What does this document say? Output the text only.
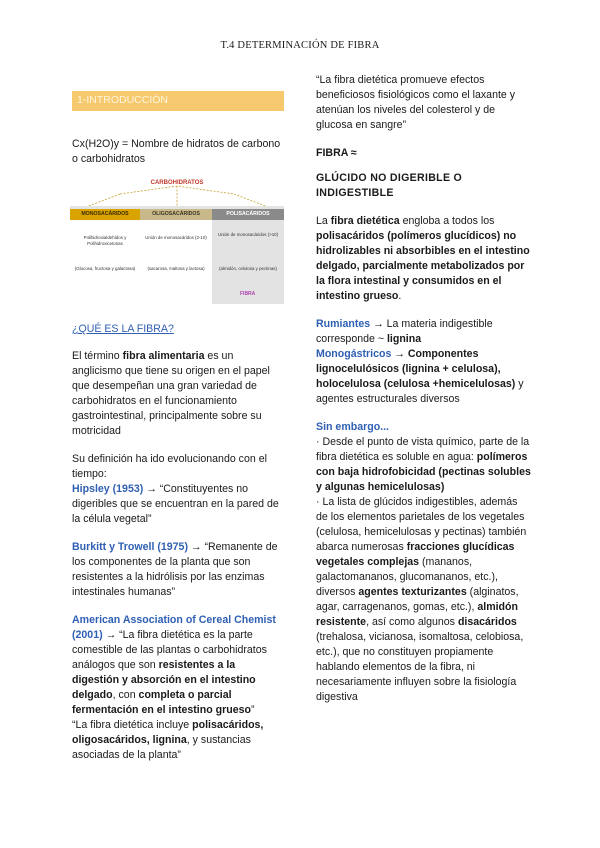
T.4 DETERMINACIÓN DE FIBRA
1-INTRODUCCIÓN

Cx(H2O)y = Nombre de hidratos de carbono o carbohidratos

CARBOHIDRATOS
MONOSACÁRIDOS	OLIGOSACÁRIDOS	POLISACÁRIDOS
Polihidroxialdehídos y Polihidroxicetonas
(Glucosa, fructosa y galactosa)
Unión de monosacáridos (2-10)
(sacarosa, maltosa y lactosa)
Unión de monosacáridos (>10)
(almidón, celulosa y pectinas)
FIBRA
¿QUÉ ES LA FIBRA?

El término fibra alimentaria es un anglicismo que tiene su origen en el papel que desempeñan una gran variedad de carbohidratos en el funcionamiento gastrointestinal, principalmente sobre su motricidad

Su definición ha ido evolucionando con el tiempo:

Hipsley (1953) → “Constituyentes no digeribles que se encuentran en la pared de la célula vegetal”

Burkitt y Trowell (1975) → “Remanente de los componentes de la planta que son resistentes a la hidrólisis por las enzimas intestinales humanas”

American Association of Cereal Chemist (2001) → “La fibra dietética es la parte comestible de las plantas o carbohidratos análogos que son resistentes a la digestión y absorción en el intestino delgado, con completa o parcial fermentación en el intestino grueso”

“La fibra dietética incluye polisacáridos, oligosacáridos, lignina, y sustancias asociadas de la planta”

“La fibra dietética promueve efectos beneficiosos fisiológicos como el laxante y atenúan los niveles del colesterol y de glucosa en sangre”

FIBRA ≈

GLÚCIDO NO DIGERIBLE O INDIGESTIBLE

La fibra dietética engloba a todos los polisacáridos (polímeros glucídicos) no hidrolizables ni absorbibles en el intestino delgado, parcialmente metabolizados por la flora intestinal y consumidos en el intestino grueso.

Rumiantes → La materia indigestible corresponde ~ lignina

Monogástricos → Componentes lignocelulósicos (lignina + celulosa), holocelulosa (celulosa +hemicelulosas) y agentes estructurales diversos

Sin embargo...

· Desde el punto de vista químico, parte de la fibra dietética es soluble en agua: polímeros con baja hidrofobicidad (pectinas solubles y algunas hemicelulosas)

· La lista de glúcidos indigestibles, además de los elementos parietales de los vegetales (celulosa, hemicelulosas y pectinas) también abarca numerosas fracciones glucídicas vegetales complejas (mananos, galactomananos, glucomananos, etc.), diversos agentes texturizantes (alginatos, agar, carragenanos, gomas, etc.), almidón resistente, así como algunos disacáridos (trehalosa, vicianosa, isomaltosa, celobiosa, etc.), que no constituyen propiamente hablando elementos de la fibra, ni necesariamente influyen sobre la fisiología digestiva
